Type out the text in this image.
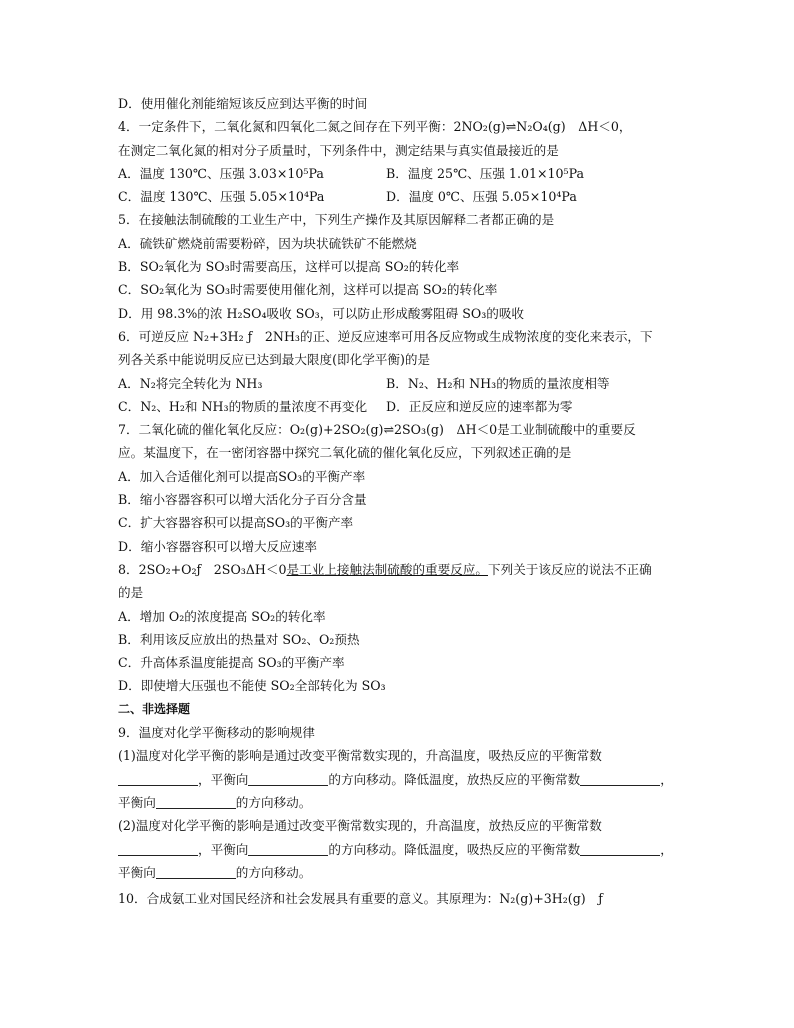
D．使用催化剂能缩短该反应到达平衡的时间
4．一定条件下，二氧化氮和四氧化二氮之间存在下列平衡：2NO₂(g)⇌N₂O₄(g)　ΔH＜0，
在测定二氧化氮的相对分子质量时，下列条件中，测定结果与真实值最接近的是
A．温度 130℃、压强 3.03×10⁵Pa	B．温度 25℃、压强 1.01×10⁵Pa
C．温度 130℃、压强 5.05×10⁴Pa	D．温度 0℃、压强 5.05×10⁴Pa
5．在接触法制硫酸的工业生产中，下列生产操作及其原因解释二者都正确的是
A．硫铁矿燃烧前需要粉碎，因为块状硫铁矿不能燃烧
B．SO₂氧化为 SO₃时需要高压，这样可以提高 SO₂的转化率
C．SO₂氧化为 SO₃时需要使用催化剂，这样可以提高 SO₂的转化率
D．用 98.3%的浓 H₂SO₄吸收 SO₃，可以防止形成酸雾阻碍 SO₃的吸收
6．可逆反应 N₂+3H₂ ƒ　2NH₃的正、逆反应速率可用各反应物或生成物浓度的变化来表示，下
列各关系中能说明反应已达到最大限度(即化学平衡)的是
A．N₂将完全转化为 NH₃	B．N₂、H₂和 NH₃的物质的量浓度相等
C．N₂、H₂和 NH₃的物质的量浓度不再变化	D．正反应和逆反应的速率都为零
7．二氧化硫的催化氧化反应：O₂(g)+2SO₂(g)⇌2SO₃(g)　ΔH＜0是工业制硫酸中的重要反
应。某温度下，在一密闭容器中探究二氧化硫的催化氧化反应，下列叙述正确的是
A．加入合适催化剂可以提高SO₃的平衡产率
B．缩小容器容积可以增大活化分子百分含量
C．扩大容器容积可以提高SO₃的平衡产率
D．缩小容器容积可以增大反应速率
8．2SO₂+O₂ƒ　2SO₃ΔH＜0是工业上接触法制硫酸的重要反应。下列关于该反应的说法不正确
的是
A．增加 O₂的浓度提高 SO₂的转化率
B．利用该反应放出的热量对 SO₂、O₂预热
C．升高体系温度能提高 SO₃的平衡产率
D．即使增大压强也不能使 SO₂全部转化为 SO₃
二、非选择题
9．温度对化学平衡移动的影响规律
(1)温度对化学平衡的影响是通过改变平衡常数实现的，升高温度，吸热反应的平衡常数
，平衡向	的方向移动。降低温度，放热反应的平衡常数	，
平衡向	的方向移动。
(2)温度对化学平衡的影响是通过改变平衡常数实现的，升高温度，放热反应的平衡常数
，平衡向	的方向移动。降低温度，吸热反应的平衡常数	，
平衡向	的方向移动。
10．合成氨工业对国民经济和社会发展具有重要的意义。其原理为：N₂(g)+3H₂(g)　ƒ
